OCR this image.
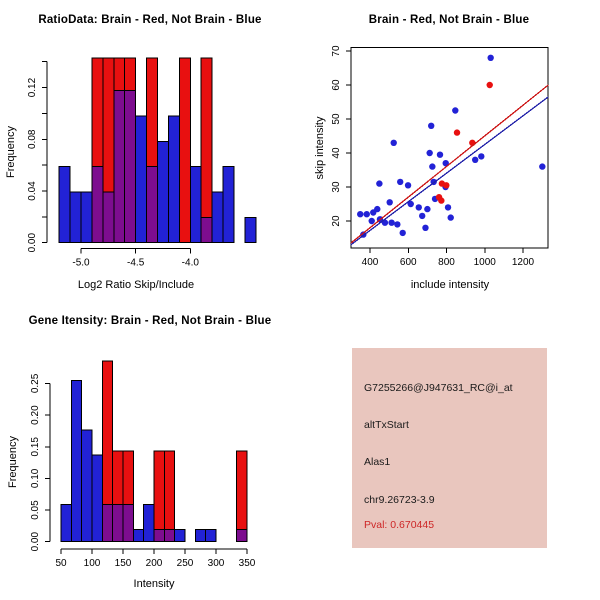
0.00
0.04
0.08
0.12
-5.0	-4.5	-4.0
0.00
0.05
0.10
0.15
0.20
0.25
50 100 150 200 250 300 350
400 600 800 1000 1200
20
30
40
50
60
70
RatioData: Brain - Red, Not Brain - Blue	Brain - Red, Not Brain - Blue
Gene Itensity: Brain - Red, Not Brain - Blue
Log2 Ratio Skip/Include
Frequency
include intensity
skip intensity
Intensity
Frequency
G7255266@J947631_RC@i_at
altTxStart
Alas1
chr9.26723-3.9
Pval: 0.670445
